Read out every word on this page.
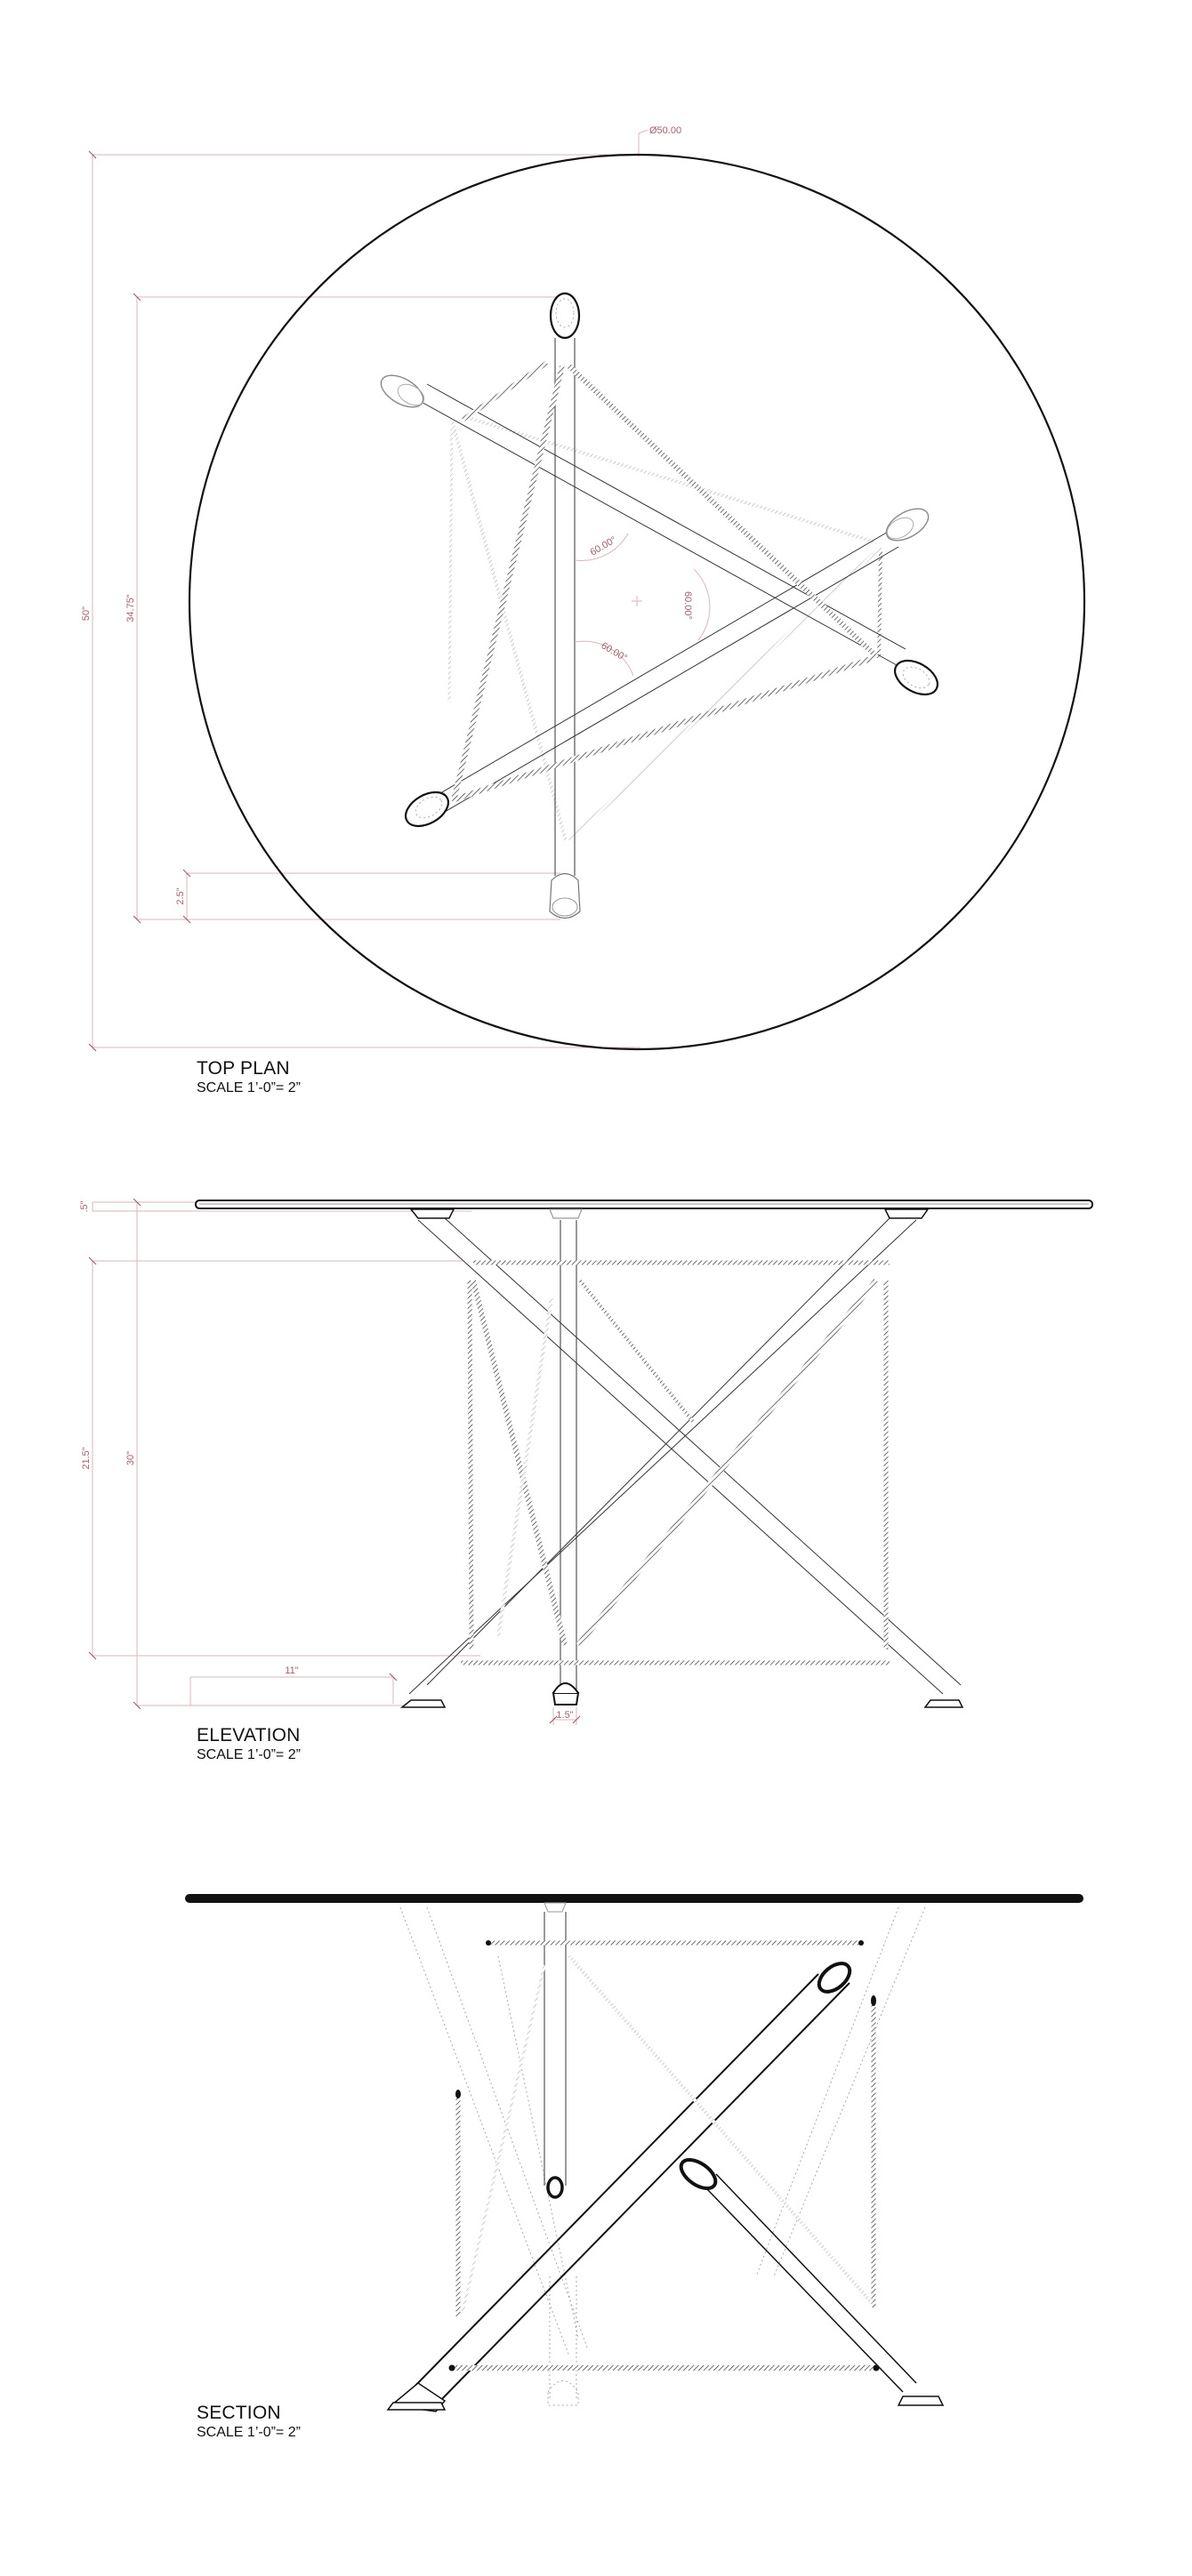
Ø50.00
50"	34.75"
2.5"
60.00°
60.00°
60.00°
.5"
21.5"	30"
11"
1.5"
TOP PLAN
SCALE 1’-0”= 2”
ELEVATION
SCALE 1’-0”= 2”
SECTION
SCALE 1’-0”= 2”
